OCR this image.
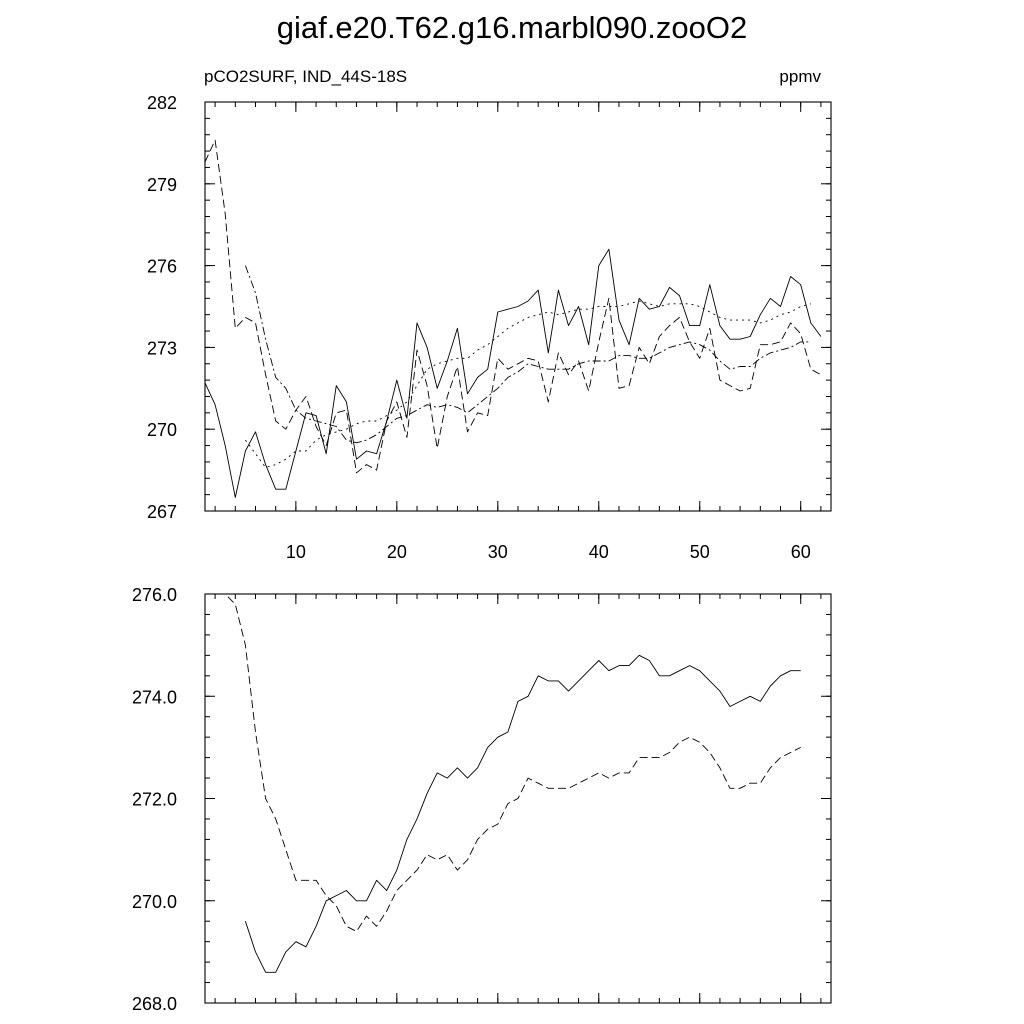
giaf.e20.T62.g16.marbl090.zooO2
pCO2SURF, IND_44S-18S	ppmv
267
270
273
276
279
282
10	20	30	40	50	60
268.0
270.0
272.0
274.0
276.0
